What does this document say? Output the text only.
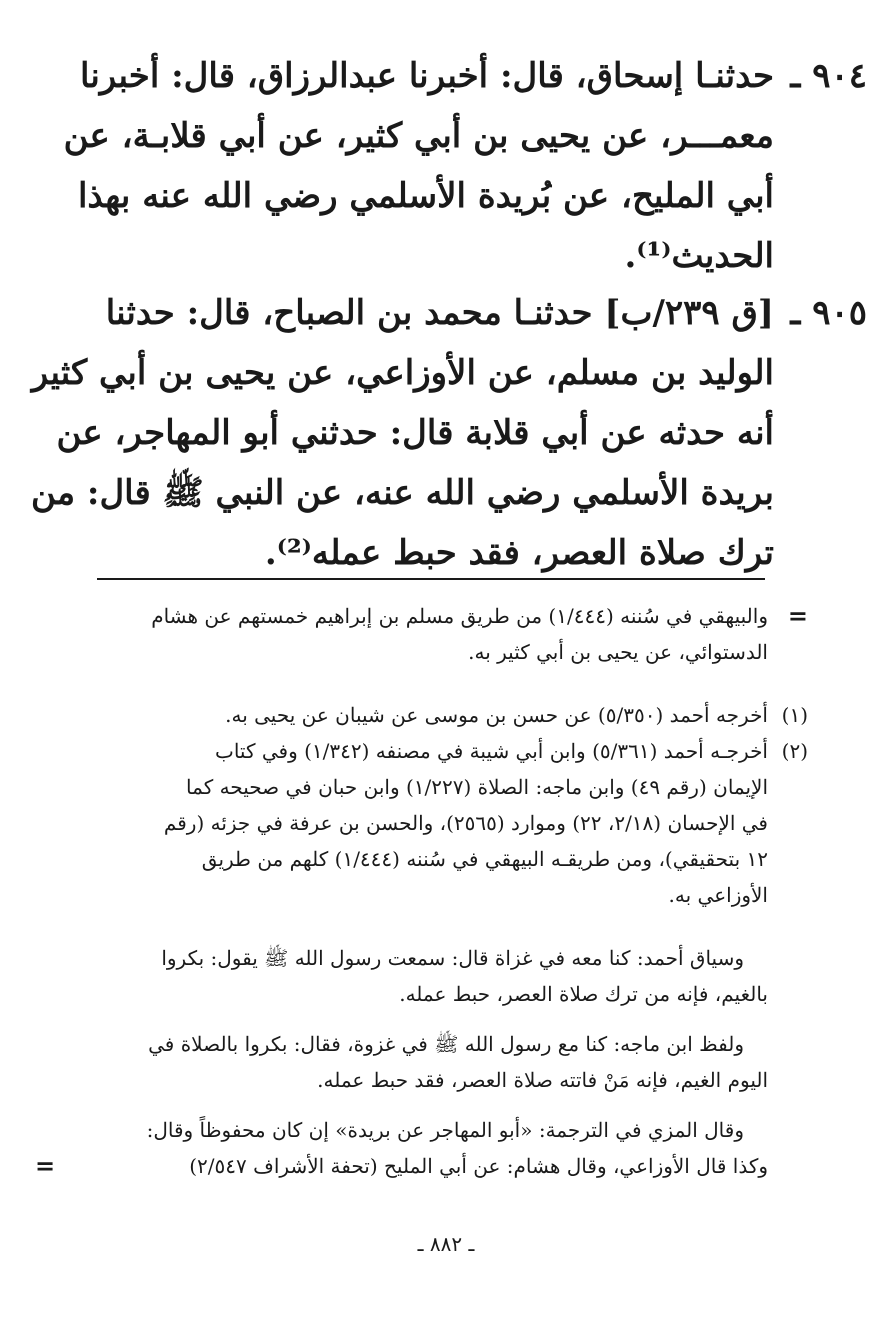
٩٠٤ ـ
حدثنـا إسحاق، قال: أخبرنا عبدالرزاق، قال: أخبرنا
معمـــر، عن يحيى بن أبي كثير، عن أبي قلابـة، عن
أبي المليح، عن بُريدة الأسلمي رضي الله عنه بهذا
الحديث⁽¹⁾.
٩٠٥ ـ
[ق ٢٣٩/ب] حدثنـا محمد بن الصباح، قال: حدثنا
الوليد بن مسلم، عن الأوزاعي، عن يحيى بن أبي كثير
أنه حدثه عن أبي قلابة قال: حدثني أبو المهاجر، عن
بريدة الأسلمي رضي الله عنه، عن النبي ﷺ قال: من
ترك صلاة العصر، فقد حبط عمله⁽²⁾.
=
والبيهقي في سُننه (١/٤٤٤) من طريق مسلم بن إبراهيم خمستهم عن هشام
الدستوائي، عن يحيى بن أبي كثير به.
(١)
أخرجه أحمد (٥/٣٥٠) عن حسن بن موسى عن شيبان عن يحيى به.
(٢)
أخرجـه أحمد (٥/٣٦١) وابن أبي شيبة في مصنفه (١/٣٤٢) وفي كتاب
الإيمان (رقم ٤٩) وابن ماجه: الصلاة (١/٢٢٧) وابن حبان في صحيحه كما
في الإحسان (٢/١٨، ٢٢) وموارد (٢٥٦٥)، والحسن بن عرفة في جزئه (رقم
١٢ بتحقيقي)، ومن طريقـه البيهقي في سُننه (١/٤٤٤) كلهم من طريق
الأوزاعي به.
وسياق أحمد: كنا معه في غزاة قال: سمعت رسول الله ﷺ يقول: بكروا
بالغيم، فإنه من ترك صلاة العصر، حبط عمله.
ولفظ ابن ماجه: كنا مع رسول الله ﷺ في غزوة، فقال: بكروا بالصلاة في
اليوم الغيم، فإنه مَنْ فاتته صلاة العصر، فقد حبط عمله.
وقال المزي في الترجمة: «أبو المهاجر عن بريدة» إن كان محفوظاً وقال:
وكذا قال الأوزاعي، وقال هشام: عن أبي المليح (تحفة الأشراف ٢/٥٤٧)
=
ـ ٨٨٢ ـ
